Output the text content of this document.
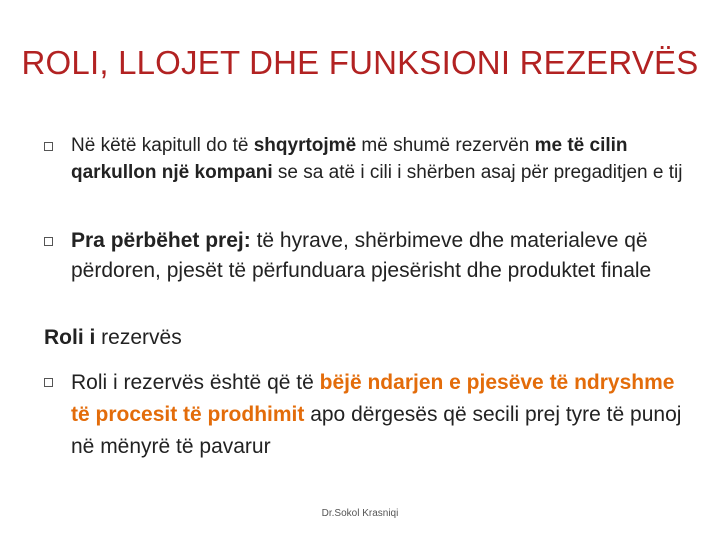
ROLI, LLOJET DHE FUNKSIONI REZERVËS
Në këtë kapitull do të shqyrtojmë më shumë rezervën me të cilin qarkullon një kompani se sa atë i cili i shërben asaj për pregaditjen e tij
Pra përbëhet prej: të hyrave, shërbimeve dhe materialeve që përdoren, pjesët të përfunduara pjesërisht dhe produktet finale
Roli i rezervës
Roli i rezervës është që të bëjë ndarjen e pjesëve të ndryshme të procesit të prodhimit apo dërgesës që secili prej tyre të punoj në mënyrë të pavarur
Dr.Sokol Krasniqi
